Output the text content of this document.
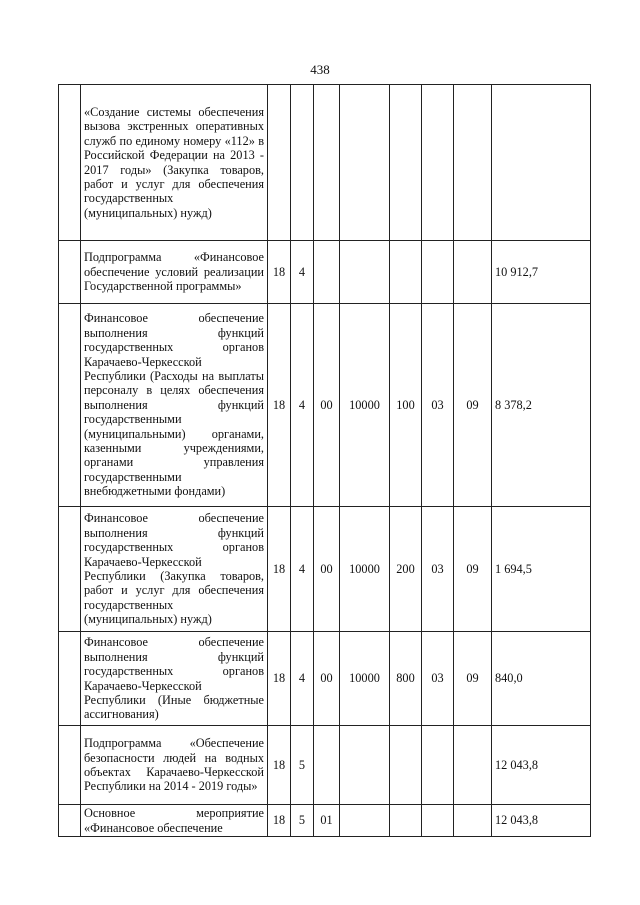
438
	«Создание системы обеспечения вызова экстренных оперативных служб по единому номеру «112» в Российской Федерации на 2013 - 2017 годы» (Закупка товаров, работ и услуг для обеспечения государственных (муниципальных) нужд)								
	Подпрограмма «Финансовое обеспечение условий реализации Государственной программы»	18	4						10 912,7
	Финансовое обеспечение выполнения функций государственных органов Карачаево-Черкесской Республики (Расходы на выплаты персоналу в целях обеспечения выполнения функций государственными (муниципальными) органами, казенными учреждениями, органами управления государственными внебюджетными фондами)	18	4	00	10000	100	03	09	8 378,2
	Финансовое обеспечение выполнения функций государственных органов Карачаево-Черкесской Республики (Закупка товаров, работ и услуг для обеспечения государственных (муниципальных) нужд)	18	4	00	10000	200	03	09	1 694,5
	Финансовое обеспечение выполнения функций государственных органов Карачаево-Черкесской Республики (Иные бюджетные ассигнования)	18	4	00	10000	800	03	09	840,0
	Подпрограмма «Обеспечение безопасности людей на водных объектах Карачаево-Черкесской Республики на 2014 - 2019 годы»	18	5						12 043,8
	Основное мероприятие «Финансовое обеспечение	18	5	01					12 043,8
